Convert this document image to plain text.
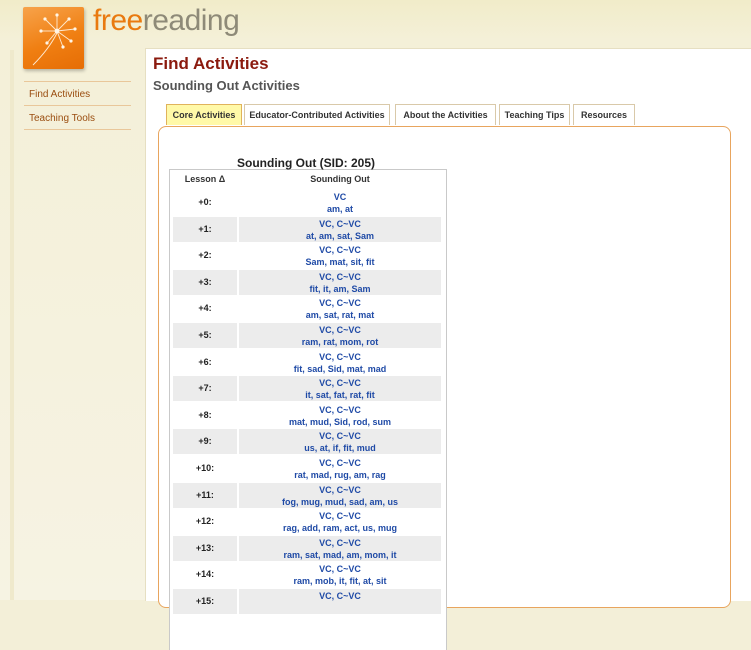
freereading
Find Activities
Teaching Tools
Find Activities
Sounding Out Activities
Core Activities	Educator-Contributed Activities	About the Activities	Teaching Tips	Resources
Lesson Δ	Sounding Out
+0:	VC
am, at
+1:	VC, C~VC
at, am, sat, Sam
+2:	VC, C~VC
Sam, mat, sit, fit
+3:	VC, C~VC
fit, it, am, Sam
+4:	VC, C~VC
am, sat, rat, mat
+5:	VC, C~VC
ram, rat, mom, rot
+6:	VC, C~VC
fit, sad, Sid, mat, mad
+7:	VC, C~VC
it, sat, fat, rat, fit
+8:	VC, C~VC
mat, mud, Sid, rod, sum
+9:	VC, C~VC
us, at, if, fit, mud
+10:	VC, C~VC
rat, mad, rug, am, rag
+11:	VC, C~VC
fog, mug, mud, sad, am, us
+12:	VC, C~VC
rag, add, ram, act, us, mug
+13:	VC, C~VC
ram, sat, mad, am, mom, it
+14:	VC, C~VC
ram, mob, it, fit, at, sit
+15:	VC, C~VC
Sounding Out (SID: 205)
